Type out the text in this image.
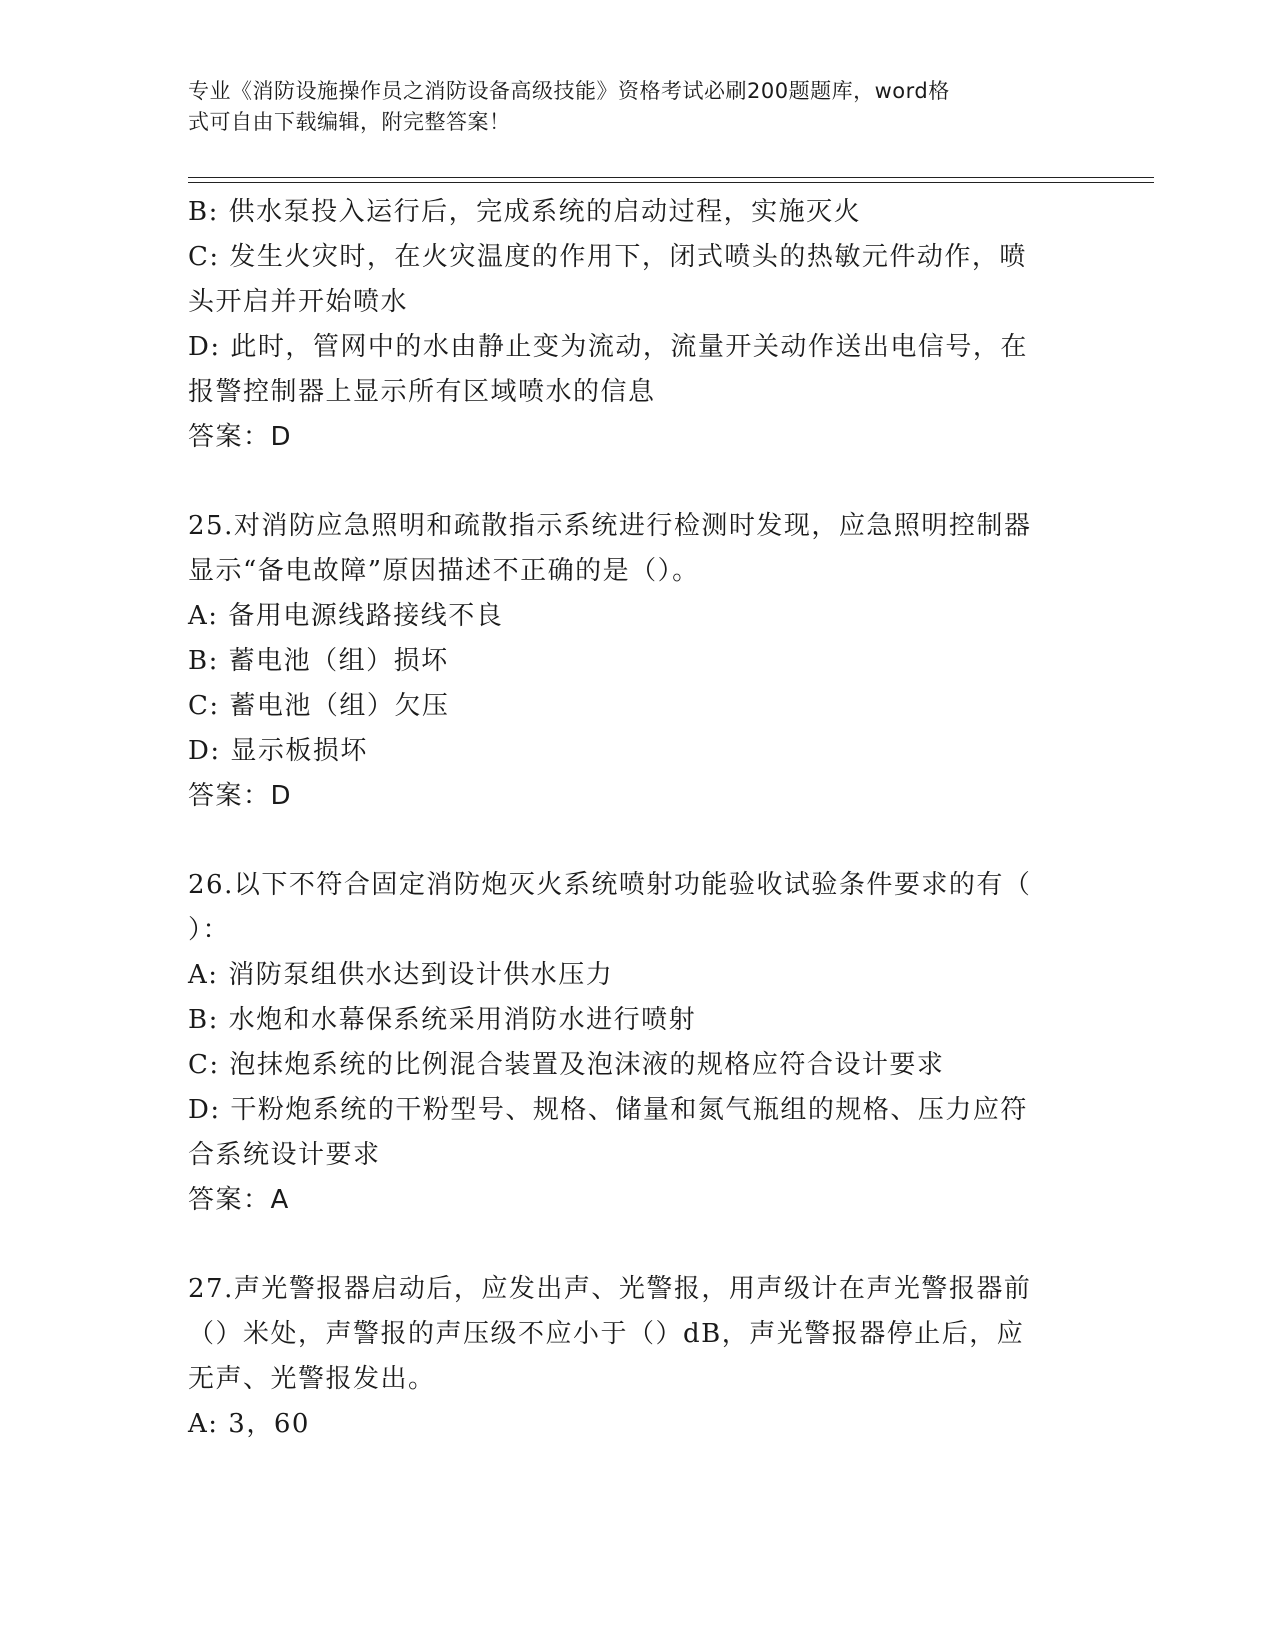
专业《消防设施操作员之消防设备高级技能》资格考试必刷200题题库，word格
式可自由下载编辑，附完整答案！

B: 供水泵投入运行后，完成系统的启动过程，实施灭火

C: 发生火灾时，在火灾温度的作用下，闭式喷头的热敏元件动作，喷

头开启并开始喷水

D: 此时，管网中的水由静止变为流动，流量开关动作送出电信号，在

报警控制器上显示所有区域喷水的信息

答案：D

25.对消防应急照明和疏散指示系统进行检测时发现，应急照明控制器

显示“备电故障”原因描述不正确的是（）。

A: 备用电源线路接线不良

B: 蓄电池（组）损坏

C: 蓄电池（组）欠压

D: 显示板损坏

答案：D

26.以下不符合固定消防炮灭火系统喷射功能验收试验条件要求的有（

）：

A: 消防泵组供水达到设计供水压力

B: 水炮和水幕保系统采用消防水进行喷射

C: 泡抹炮系统的比例混合装置及泡沫液的规格应符合设计要求

D: 干粉炮系统的干粉型号、规格、储量和氮气瓶组的规格、压力应符

合系统设计要求

答案：A

27.声光警报器启动后，应发出声、光警报，用声级计在声光警报器前

（）米处，声警报的声压级不应小于（）dB，声光警报器停止后，应

无声、光警报发出。

A: 3，60
